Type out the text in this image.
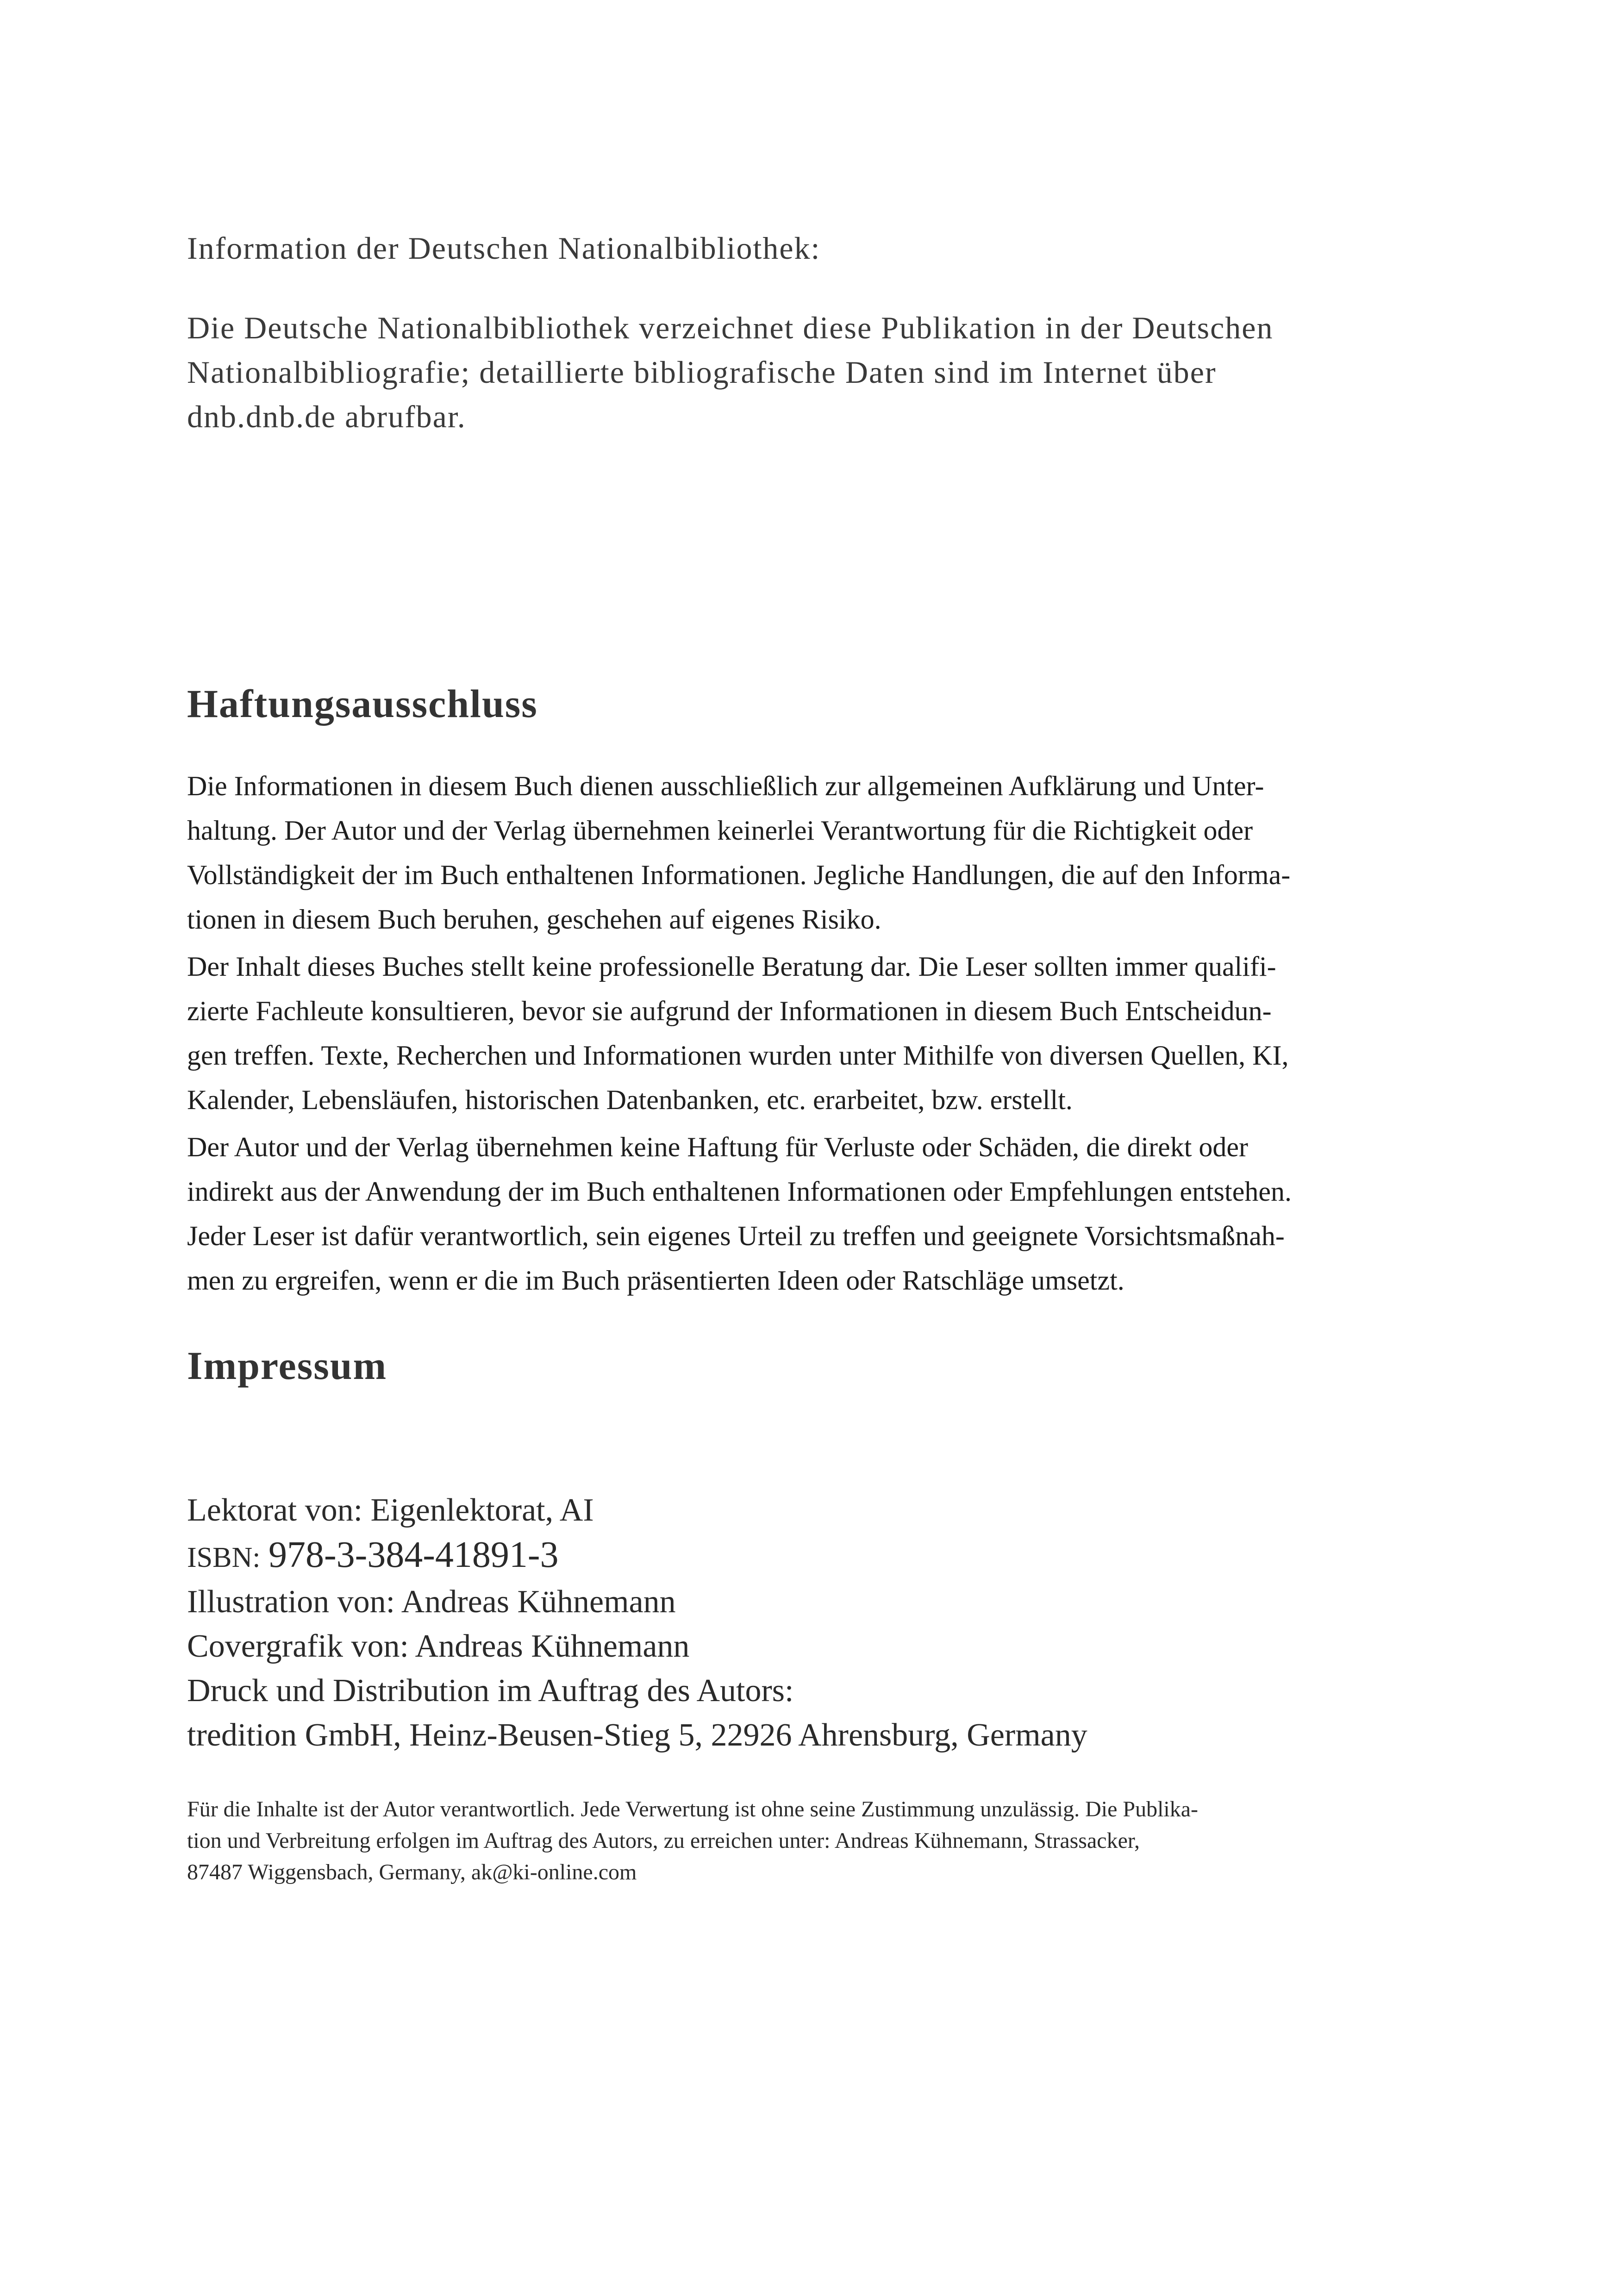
Information der Deutschen Nationalbibliothek:
Die Deutsche Nationalbibliothek verzeichnet diese Publikation in der Deutschen
Nationalbibliografie; detaillierte bibliografische Daten sind im Internet über
dnb.dnb.de abrufbar.
Haftungsausschluss
Die Informationen in diesem Buch dienen ausschließlich zur allgemeinen Aufklärung und Unter-
haltung. Der Autor und der Verlag übernehmen keinerlei Verantwortung für die Richtigkeit oder
Vollständigkeit der im Buch enthaltenen Informationen. Jegliche Handlungen, die auf den Informa-
tionen in diesem Buch beruhen, geschehen auf eigenes Risiko.
Der Inhalt dieses Buches stellt keine professionelle Beratung dar. Die Leser sollten immer qualifi-
zierte Fachleute konsultieren, bevor sie aufgrund der Informationen in diesem Buch Entscheidun-
gen treffen. Texte, Recherchen und Informationen wurden unter Mithilfe von diversen Quellen, KI,
Kalender, Lebensläufen, historischen Datenbanken, etc. erarbeitet, bzw. erstellt.
Der Autor und der Verlag übernehmen keine Haftung für Verluste oder Schäden, die direkt oder
indirekt aus der Anwendung der im Buch enthaltenen Informationen oder Empfehlungen entstehen.
Jeder Leser ist dafür verantwortlich, sein eigenes Urteil zu treffen und geeignete Vorsichtsmaßnah-
men zu ergreifen, wenn er die im Buch präsentierten Ideen oder Ratschläge umsetzt.
Impressum
Lektorat von: Eigenlektorat, AI
ISBN: 978-3-384-41891-3
Illustration von: Andreas Kühnemann
Covergrafik von: Andreas Kühnemann
Druck und Distribution im Auftrag des Autors:
tredition GmbH, Heinz-Beusen-Stieg 5, 22926 Ahrensburg, Germany
Für die Inhalte ist der Autor verantwortlich. Jede Verwertung ist ohne seine Zustimmung unzulässig. Die Publika-
tion und Verbreitung erfolgen im Auftrag des Autors, zu erreichen unter: Andreas Kühnemann, Strassacker,
87487 Wiggensbach, Germany, ak@ki-online.com
